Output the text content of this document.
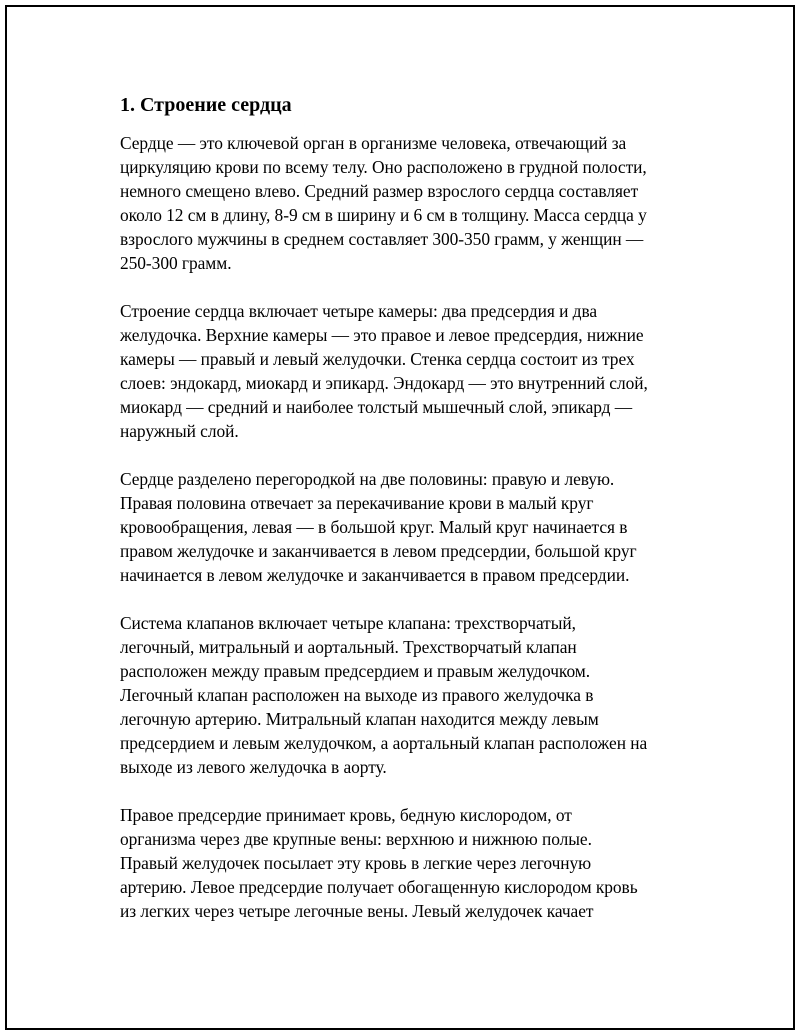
1. Строение сердца
Сердце — это ключевой орган в организме человека, отвечающий за
циркуляцию крови по всему телу. Оно расположено в грудной полости,
немного смещено влево. Средний размер взрослого сердца составляет
около 12 см в длину, 8-9 см в ширину и 6 см в толщину. Масса сердца у
взрослого мужчины в среднем составляет 300-350 грамм, у женщин —
250-300 грамм.
Строение сердца включает четыре камеры: два предсердия и два
желудочка. Верхние камеры — это правое и левое предсердия, нижние
камеры — правый и левый желудочки. Стенка сердца состоит из трех
слоев: эндокард, миокард и эпикард. Эндокард — это внутренний слой,
миокард — средний и наиболее толстый мышечный слой, эпикард —
наружный слой.
Сердце разделено перегородкой на две половины: правую и левую.
Правая половина отвечает за перекачивание крови в малый круг
кровообращения, левая — в большой круг. Малый круг начинается в
правом желудочке и заканчивается в левом предсердии, большой круг
начинается в левом желудочке и заканчивается в правом предсердии.
Система клапанов включает четыре клапана: трехстворчатый,
легочный, митральный и аортальный. Трехстворчатый клапан
расположен между правым предсердием и правым желудочком.
Легочный клапан расположен на выходе из правого желудочка в
легочную артерию. Митральный клапан находится между левым
предсердием и левым желудочком, а аортальный клапан расположен на
выходе из левого желудочка в аорту.
Правое предсердие принимает кровь, бедную кислородом, от
организма через две крупные вены: верхнюю и нижнюю полые.
Правый желудочек посылает эту кровь в легкие через легочную
артерию. Левое предсердие получает обогащенную кислородом кровь
из легких через четыре легочные вены. Левый желудочек качает
